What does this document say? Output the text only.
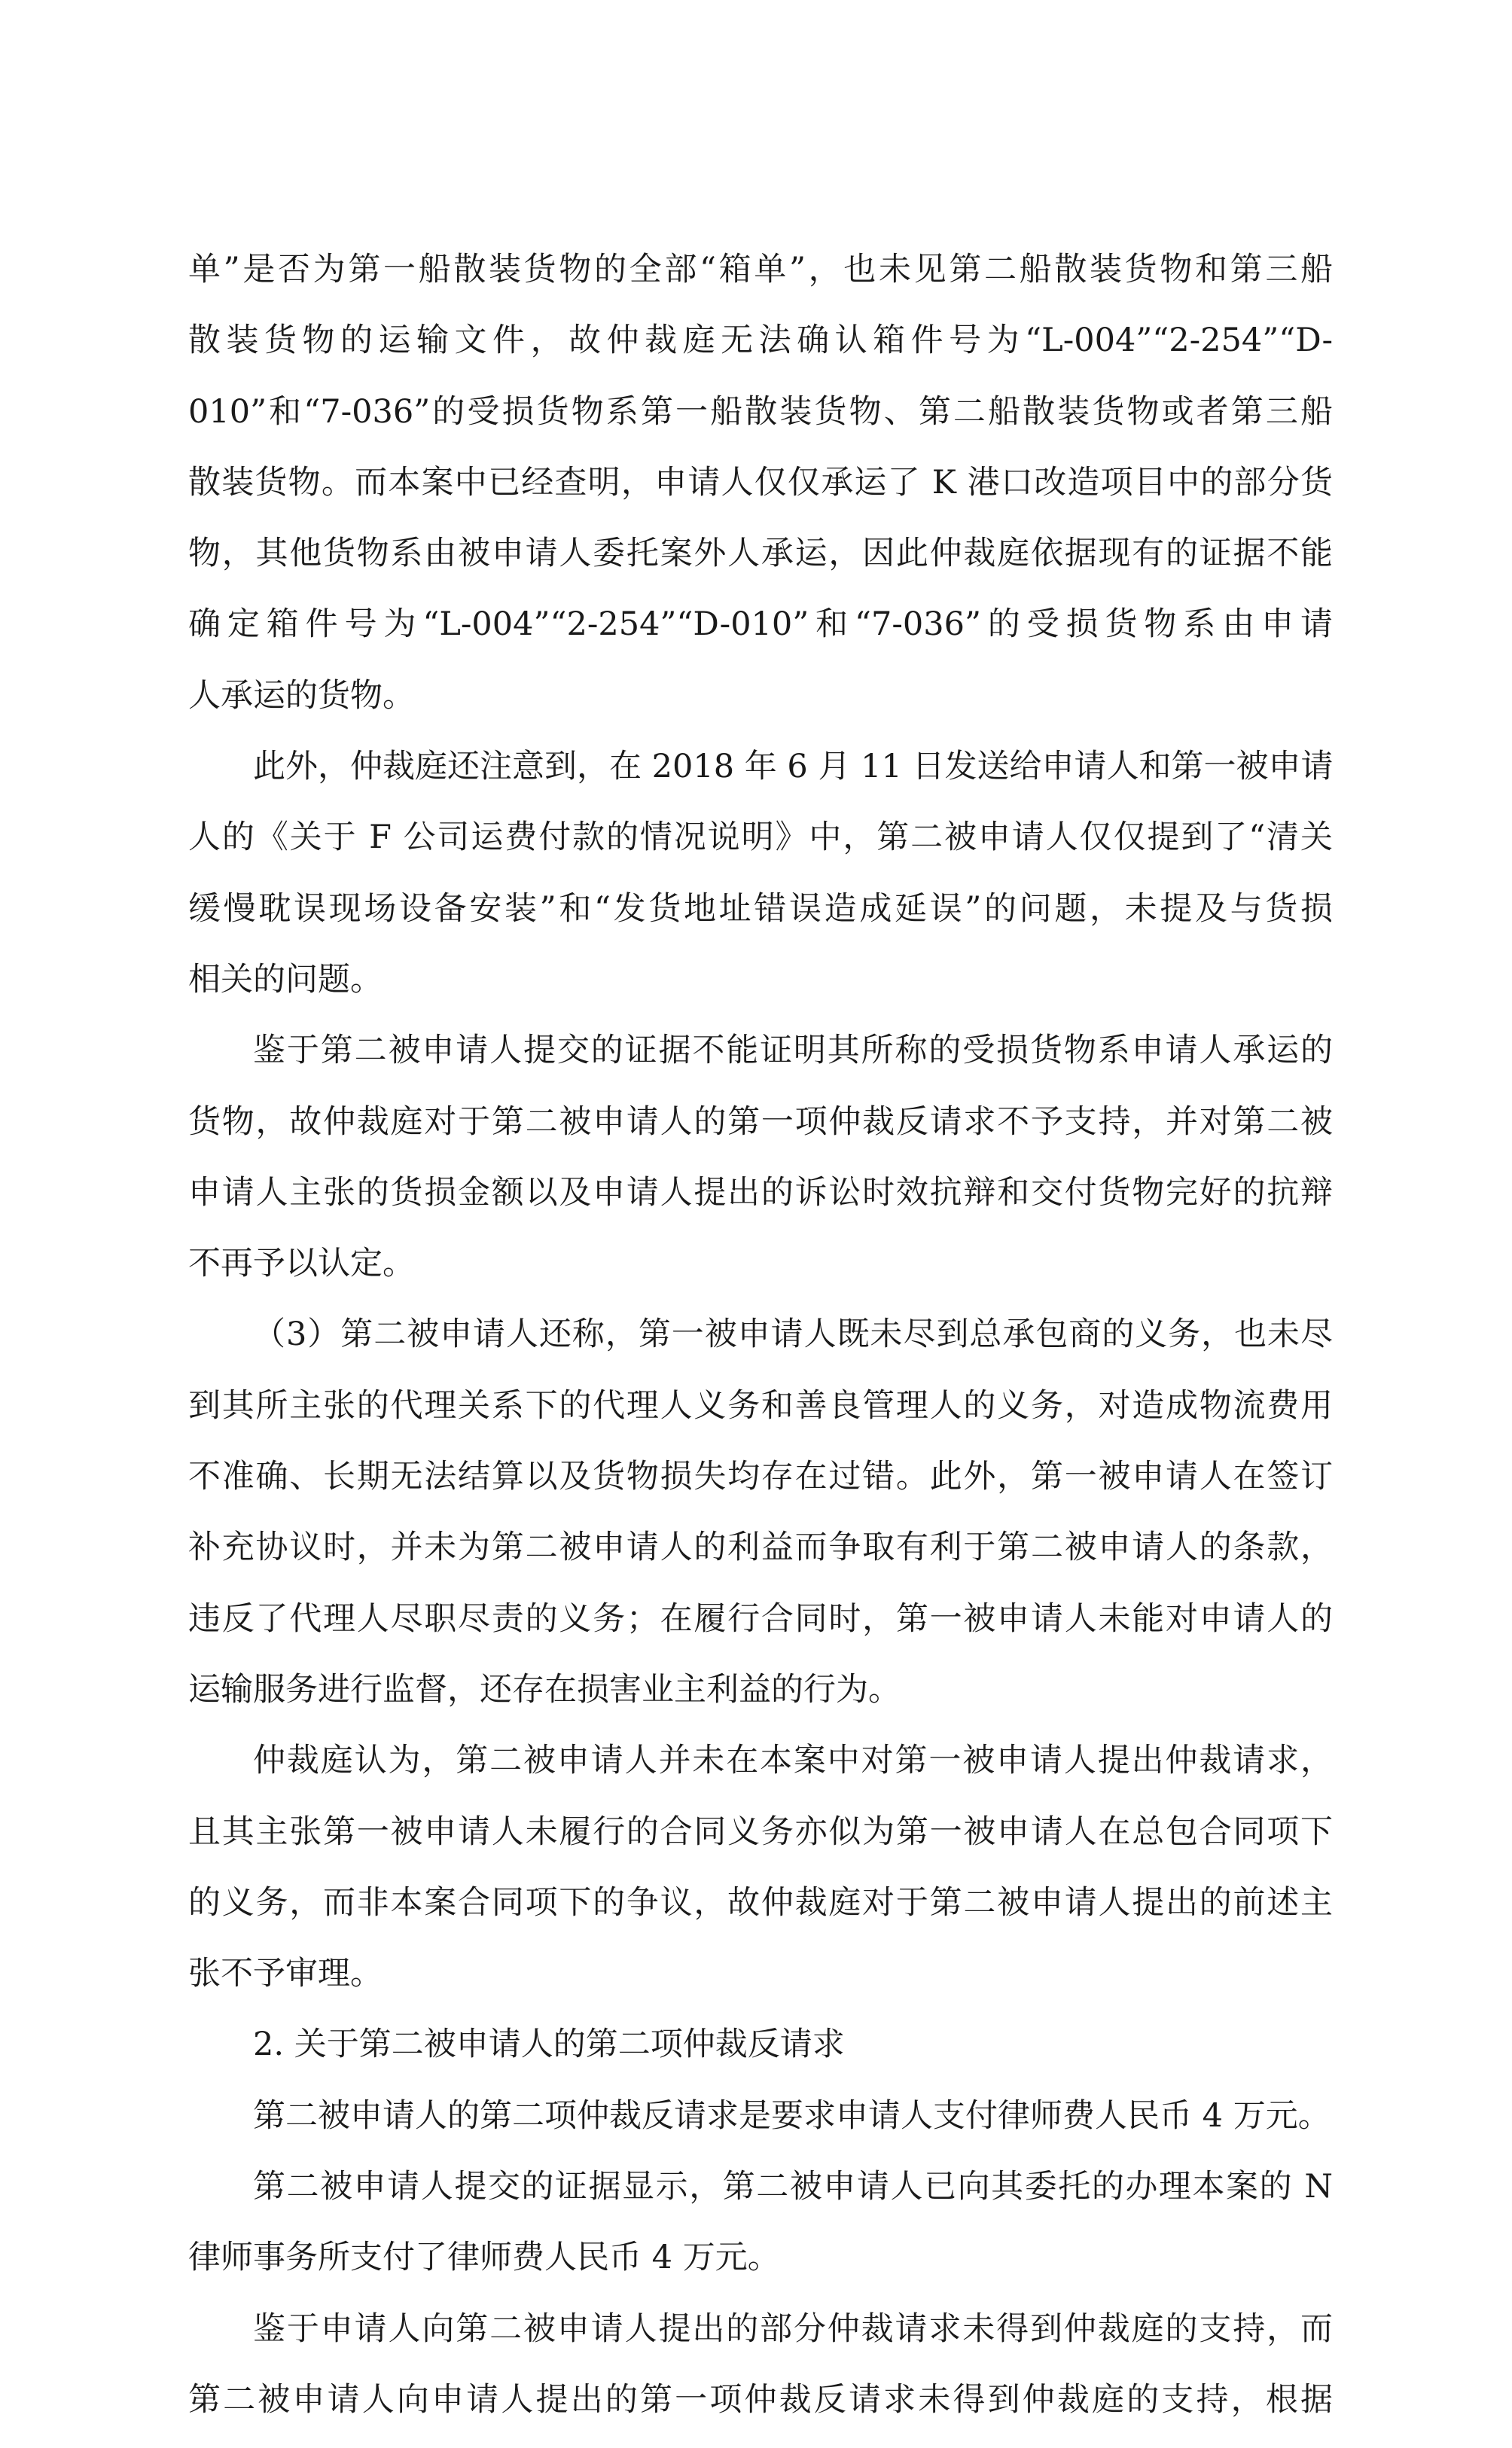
单”是否为第一船散装货物的全部“箱单”，也未见第二船散装货物和第三船
散装货物的运输文件，故仲裁庭无法确认箱件号为“L-004”“2-254”“D-
010”和“7-036”的受损货物系第一船散装货物、第二船散装货物或者第三船
散装货物。而本案中已经查明，申请人仅仅承运了 K 港口改造项目中的部分货
物，其他货物系由被申请人委托案外人承运，因此仲裁庭依据现有的证据不能
确定箱件号为“L-004”“2-254”“D-010”和“7-036”的受损货物系由申请
人承运的货物。
此外，仲裁庭还注意到，在 2018 年 6 月 11 日发送给申请人和第一被申请
人的《关于 F 公司运费付款的情况说明》中，第二被申请人仅仅提到了“清关
缓慢耽误现场设备安装”和“发货地址错误造成延误”的问题，未提及与货损
相关的问题。
鉴于第二被申请人提交的证据不能证明其所称的受损货物系申请人承运的
货物，故仲裁庭对于第二被申请人的第一项仲裁反请求不予支持，并对第二被
申请人主张的货损金额以及申请人提出的诉讼时效抗辩和交付货物完好的抗辩
不再予以认定。
（3）第二被申请人还称，第一被申请人既未尽到总承包商的义务，也未尽
到其所主张的代理关系下的代理人义务和善良管理人的义务，对造成物流费用
不准确、长期无法结算以及货物损失均存在过错。此外，第一被申请人在签订
补充协议时，并未为第二被申请人的利益而争取有利于第二被申请人的条款，
违反了代理人尽职尽责的义务；在履行合同时，第一被申请人未能对申请人的
运输服务进行监督，还存在损害业主利益的行为。
仲裁庭认为，第二被申请人并未在本案中对第一被申请人提出仲裁请求，
且其主张第一被申请人未履行的合同义务亦似为第一被申请人在总包合同项下
的义务，而非本案合同项下的争议，故仲裁庭对于第二被申请人提出的前述主
张不予审理。
2. 关于第二被申请人的第二项仲裁反请求
第二被申请人的第二项仲裁反请求是要求申请人支付律师费人民币 4 万元。
第二被申请人提交的证据显示，第二被申请人已向其委托的办理本案的 N
律师事务所支付了律师费人民币 4 万元。
鉴于申请人向第二被申请人提出的部分仲裁请求未得到仲裁庭的支持，而
第二被申请人向申请人提出的第一项仲裁反请求未得到仲裁庭的支持，根据
